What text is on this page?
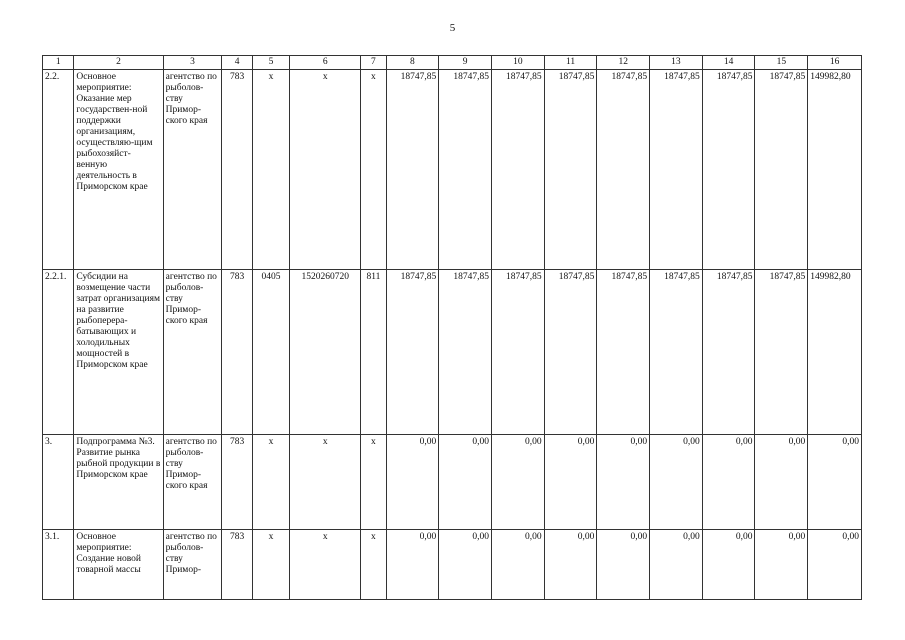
5
1	2	3	4	5	6	7	8	9	10	11	12	13	14	15	16
2.2.	Основное мероприятие: Оказание мер государствен-ной поддержки организациям, осуществляю-щим рыбохозяйст-венную деятельность в Приморском крае	агентство по рыболов-ству Примор-ского края	783	x	x	x	18747,85	18747,85	18747,85	18747,85	18747,85	18747,85	18747,85	18747,85	149982,80
2.2.1.	Субсидии на возмещение части затрат организациям на развитие рыбоперера-батывающих и холодильных мощностей в Приморском крае	агентство по рыболов-ству Примор-ского края	783	0405	1520260720	811	18747,85	18747,85	18747,85	18747,85	18747,85	18747,85	18747,85	18747,85	149982,80
3.	Подпрограмма №3. Развитие рынка рыбной продукции в Приморском крае	агентство по рыболов-ству Примор-ского края	783	x	x	x	0,00	0,00	0,00	0,00	0,00	0,00	0,00	0,00	0,00
3.1.	Основное мероприятие: Создание новой товарной массы	агентство по рыболов-ству Примор-	783	x	x	x	0,00	0,00	0,00	0,00	0,00	0,00	0,00	0,00	0,00
